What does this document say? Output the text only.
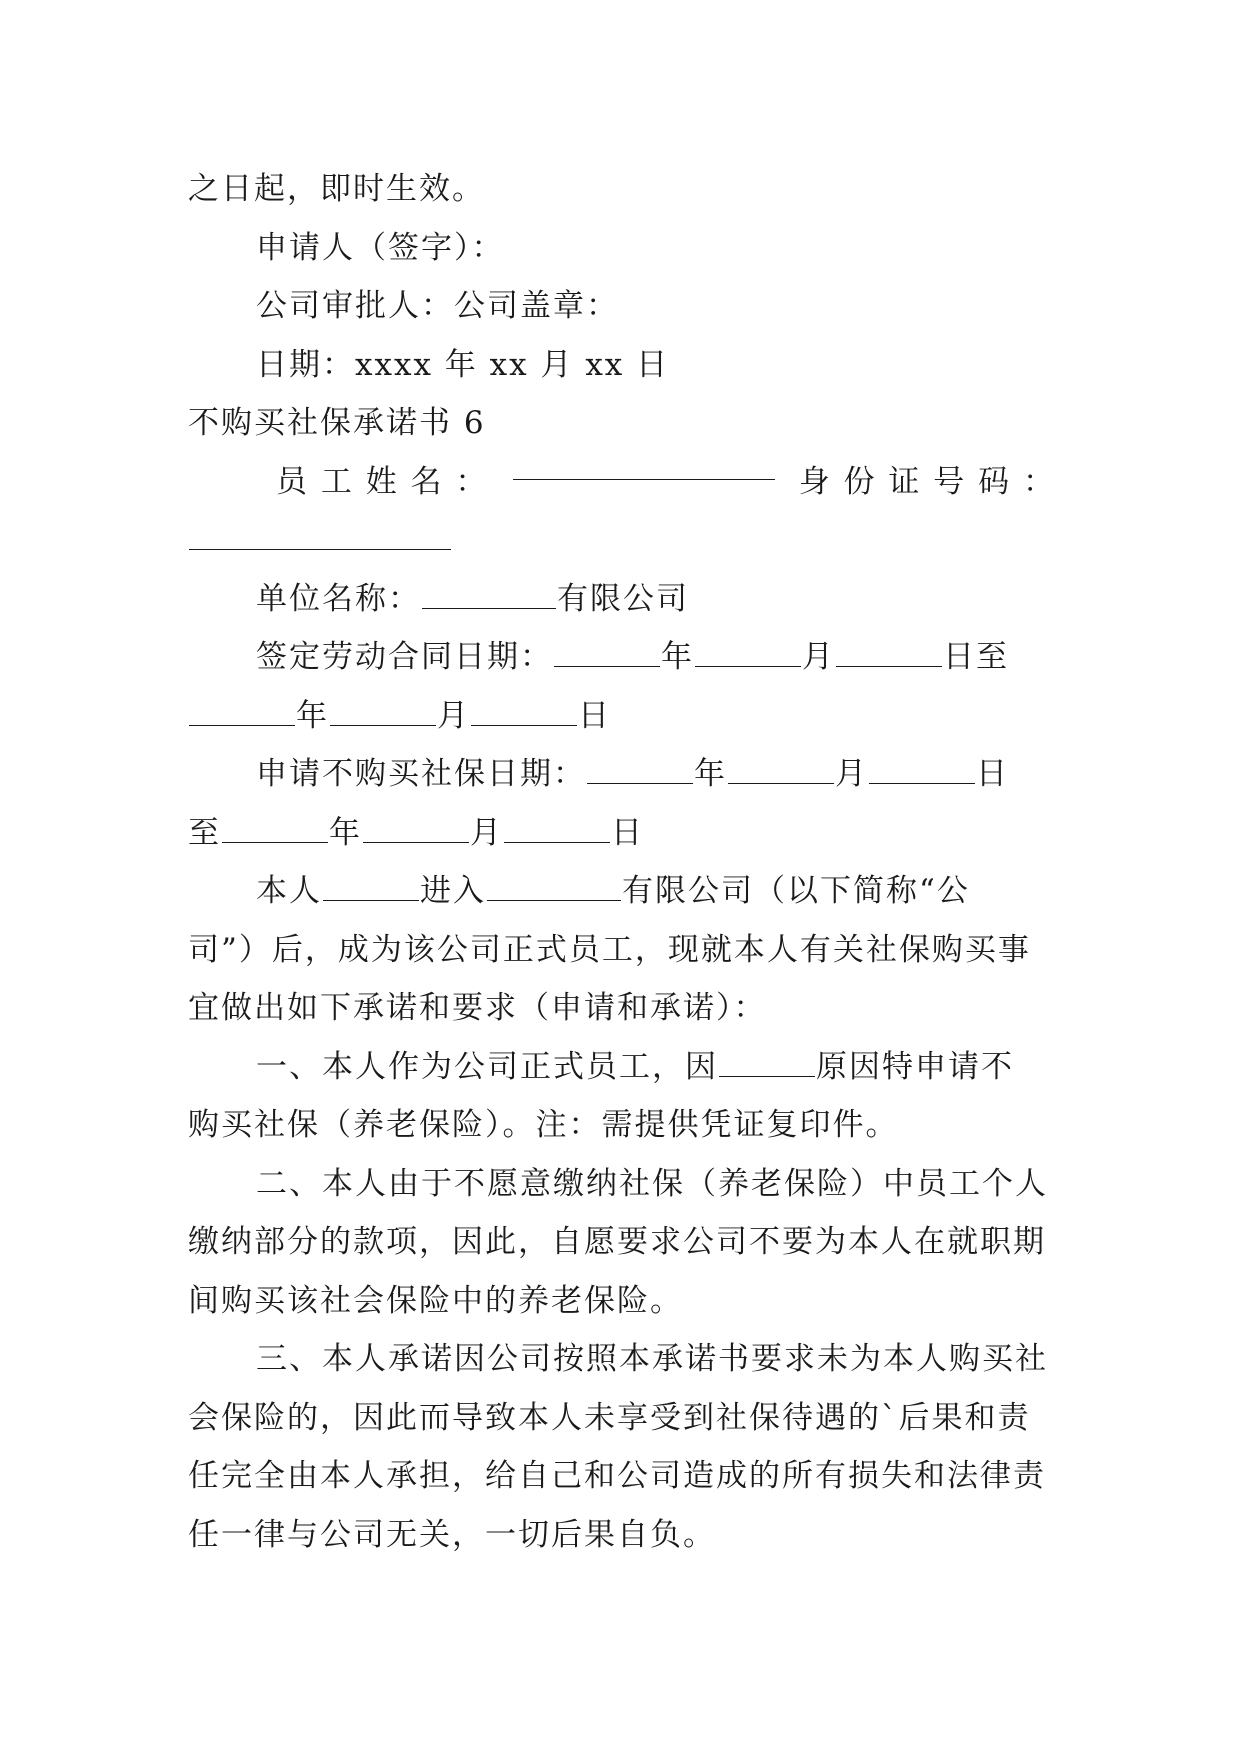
之日起，即时生效。
申请人（签字）：
公司审批人：公司盖章：
日期：xxxx 年 xx 月 xx 日
不购买社保承诺书 6
员 工 姓 名 ：	身 份 证 号 码 ：
单位名称：	有限公司
签定劳动合同日期：	年	月	日至
年	月	日
申请不购买社保日期：	年	月	日
至	年	月	日
本人	进入	有限公司（以下简称“公
司”）后，成为该公司正式员工，现就本人有关社保购买事
宜做出如下承诺和要求（申请和承诺）：
一、本人作为公司正式员工，因	原因特申请不
购买社保（养老保险）。注：需提供凭证复印件。
二、本人由于不愿意缴纳社保（养老保险）中员工个人
缴纳部分的款项，因此，自愿要求公司不要为本人在就职期
间购买该社会保险中的养老保险。
三、本人承诺因公司按照本承诺书要求未为本人购买社
会保险的，因此而导致本人未享受到社保待遇的`后果和责
任完全由本人承担，给自己和公司造成的所有损失和法律责
任一律与公司无关，一切后果自负。
